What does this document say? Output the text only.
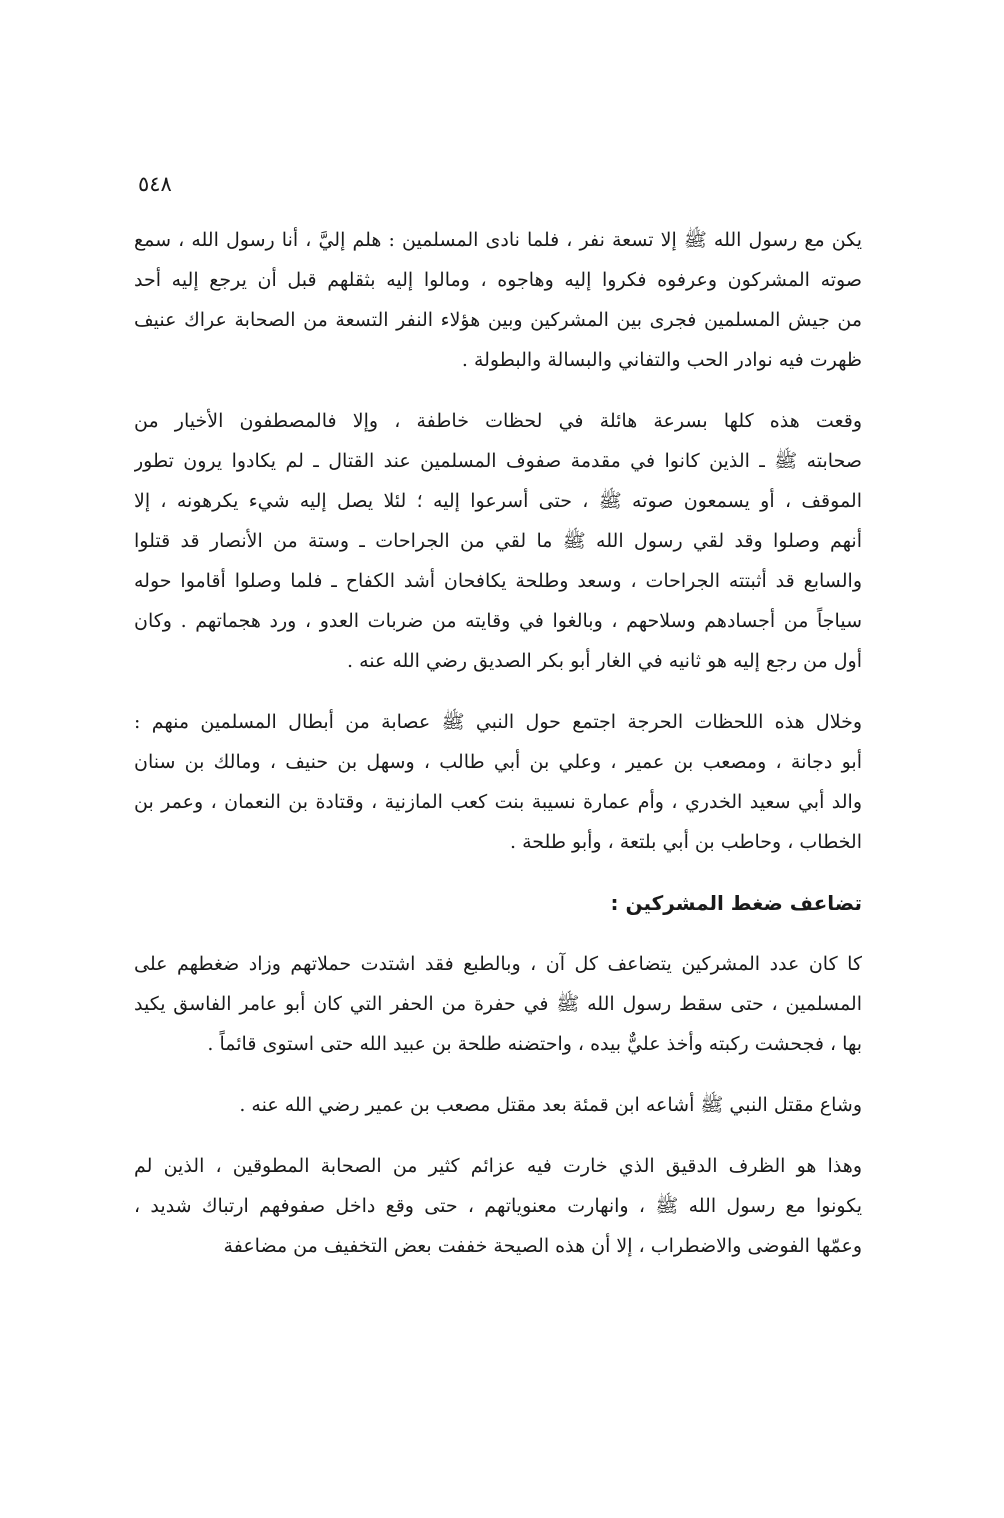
٥٤٨
يكن مع رسول الله ﷺ إلا تسعة نفر ، فلما نادى المسلمين : هلم إليَّ ، أنا رسول الله ، سمع
صوته المشركون وعرفوه فكروا إليه وهاجوه ، ومالوا إليه بثقلهم قبل أن يرجع إليه أحد
من جيش المسلمين فجرى بين المشركين وبين هؤلاء النفر التسعة من الصحابة عراك عنيف
ظهرت فيه نوادر الحب والتفاني والبسالة والبطولة .
وقعت هذه كلها بسرعة هائلة في لحظات خاطفة ، وإلا فالمصطفون الأخيار من
صحابته ﷺ ـ الذين كانوا في مقدمة صفوف المسلمين عند القتال ـ لم يكادوا يرون تطور
الموقف ، أو يسمعون صوته ﷺ ، حتى أسرعوا إليه ؛ لئلا يصل إليه شيء يكرهونه ، إلا
أنهم وصلوا وقد لقي رسول الله ﷺ ما لقي من الجراحات ـ وستة من الأنصار قد قتلوا
والسابع قد أثبتته الجراحات ، وسعد وطلحة يكافحان أشد الكفاح ـ فلما وصلوا أقاموا حوله
سياجاً من أجسادهم وسلاحهم ، وبالغوا في وقايته من ضربات العدو ، ورد هجماتهم . وكان
أول من رجع إليه هو ثانيه في الغار أبو بكر الصديق رضي الله عنه .
وخلال هذه اللحظات الحرجة اجتمع حول النبي ﷺ عصابة من أبطال المسلمين منهم :
أبو دجانة ، ومصعب بن عمير ، وعلي بن أبي طالب ، وسهل بن حنيف ، ومالك بن سنان
والد أبي سعيد الخدري ، وأم عمارة نسيبة بنت كعب المازنية ، وقتادة بن النعمان ، وعمر بن
الخطاب ، وحاطب بن أبي بلتعة ، وأبو طلحة .
تضاعف ضغط المشركين :
كا كان عدد المشركين يتضاعف كل آن ، وبالطبع فقد اشتدت حملاتهم وزاد ضغطهم على
المسلمين ، حتى سقط رسول الله ﷺ في حفرة من الحفر التي كان أبو عامر الفاسق يكيد
بها ، فجحشت ركبته وأخذ عليٌّ بيده ، واحتضنه طلحة بن عبيد الله حتى استوى قائماً .
وشاع مقتل النبي ﷺ أشاعه ابن قمئة بعد مقتل مصعب بن عمير رضي الله عنه .
وهذا هو الظرف الدقيق الذي خارت فيه عزائم كثير من الصحابة المطوقين ، الذين لم
يكونوا مع رسول الله ﷺ ، وانهارت معنوياتهم ، حتى وقع داخل صفوفهم ارتباك شديد ،
وعمّها الفوضى والاضطراب ، إلا أن هذه الصيحة خففت بعض التخفيف من مضاعفة
